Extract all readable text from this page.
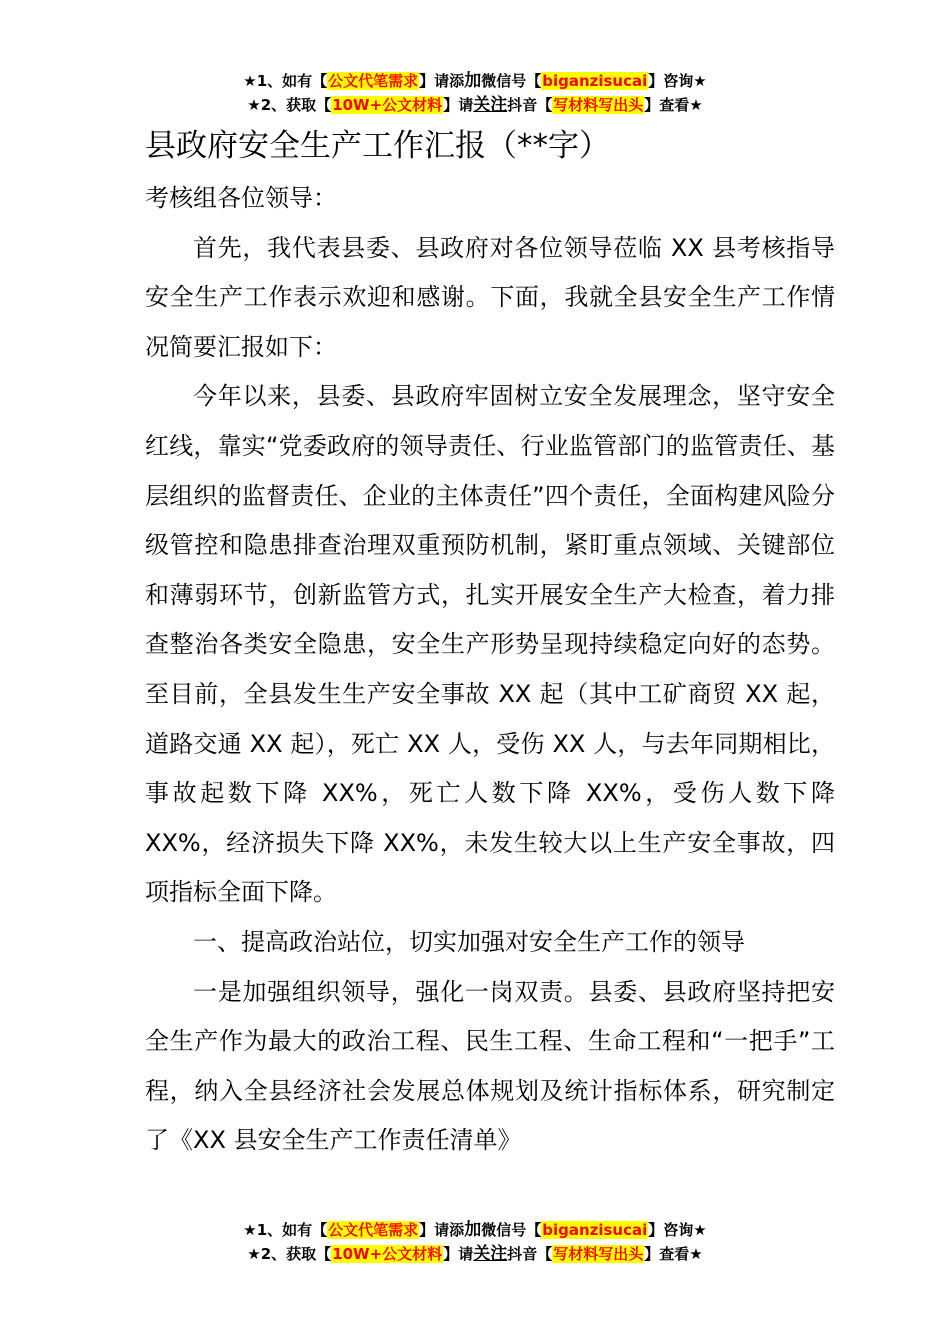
★1、如有【公文代笔需求】请添加微信号【biganzisucai】咨询★
★2、获取【10W+公文材料】请关注抖音【写材料写出头】查看★
县政府安全生产工作汇报（**字）

考核组各位领导：

首先，我代表县委、县政府对各位领导莅临 XX 县考核指导安全生产工作表示欢迎和感谢。下面，我就全县安全生产工作情况简要汇报如下：

今年以来，县委、县政府牢固树立安全发展理念，坚守安全红线，靠实“党委政府的领导责任、行业监管部门的监管责任、基层组织的监督责任、企业的主体责任”四个责任，全面构建风险分级管控和隐患排查治理双重预防机制，紧盯重点领域、关键部位和薄弱环节，创新监管方式，扎实开展安全生产大检查，着力排查整治各类安全隐患，安全生产形势呈现持续稳定向好的态势。至目前，全县发生生产安全事故 XX 起（其中工矿商贸 XX 起，道路交通 XX 起），死亡 XX 人，受伤 XX 人，与去年同期相比，事故起数下降 XX%，死亡人数下降 XX%，受伤人数下降 XX%，经济损失下降 XX%，未发生较大以上生产安全事故，四项指标全面下降。

一、提高政治站位，切实加强对安全生产工作的领导

一是加强组织领导，强化一岗双责。县委、县政府坚持把安全生产作为最大的政治工程、民生工程、生命工程和“一把手”工程，纳入全县经济社会发展总体规划及统计指标体系，研究制定了《XX 县安全生产工作责任清单》

★1、如有【公文代笔需求】请添加微信号【biganzisucai】咨询★
★2、获取【10W+公文材料】请关注抖音【写材料写出头】查看★
